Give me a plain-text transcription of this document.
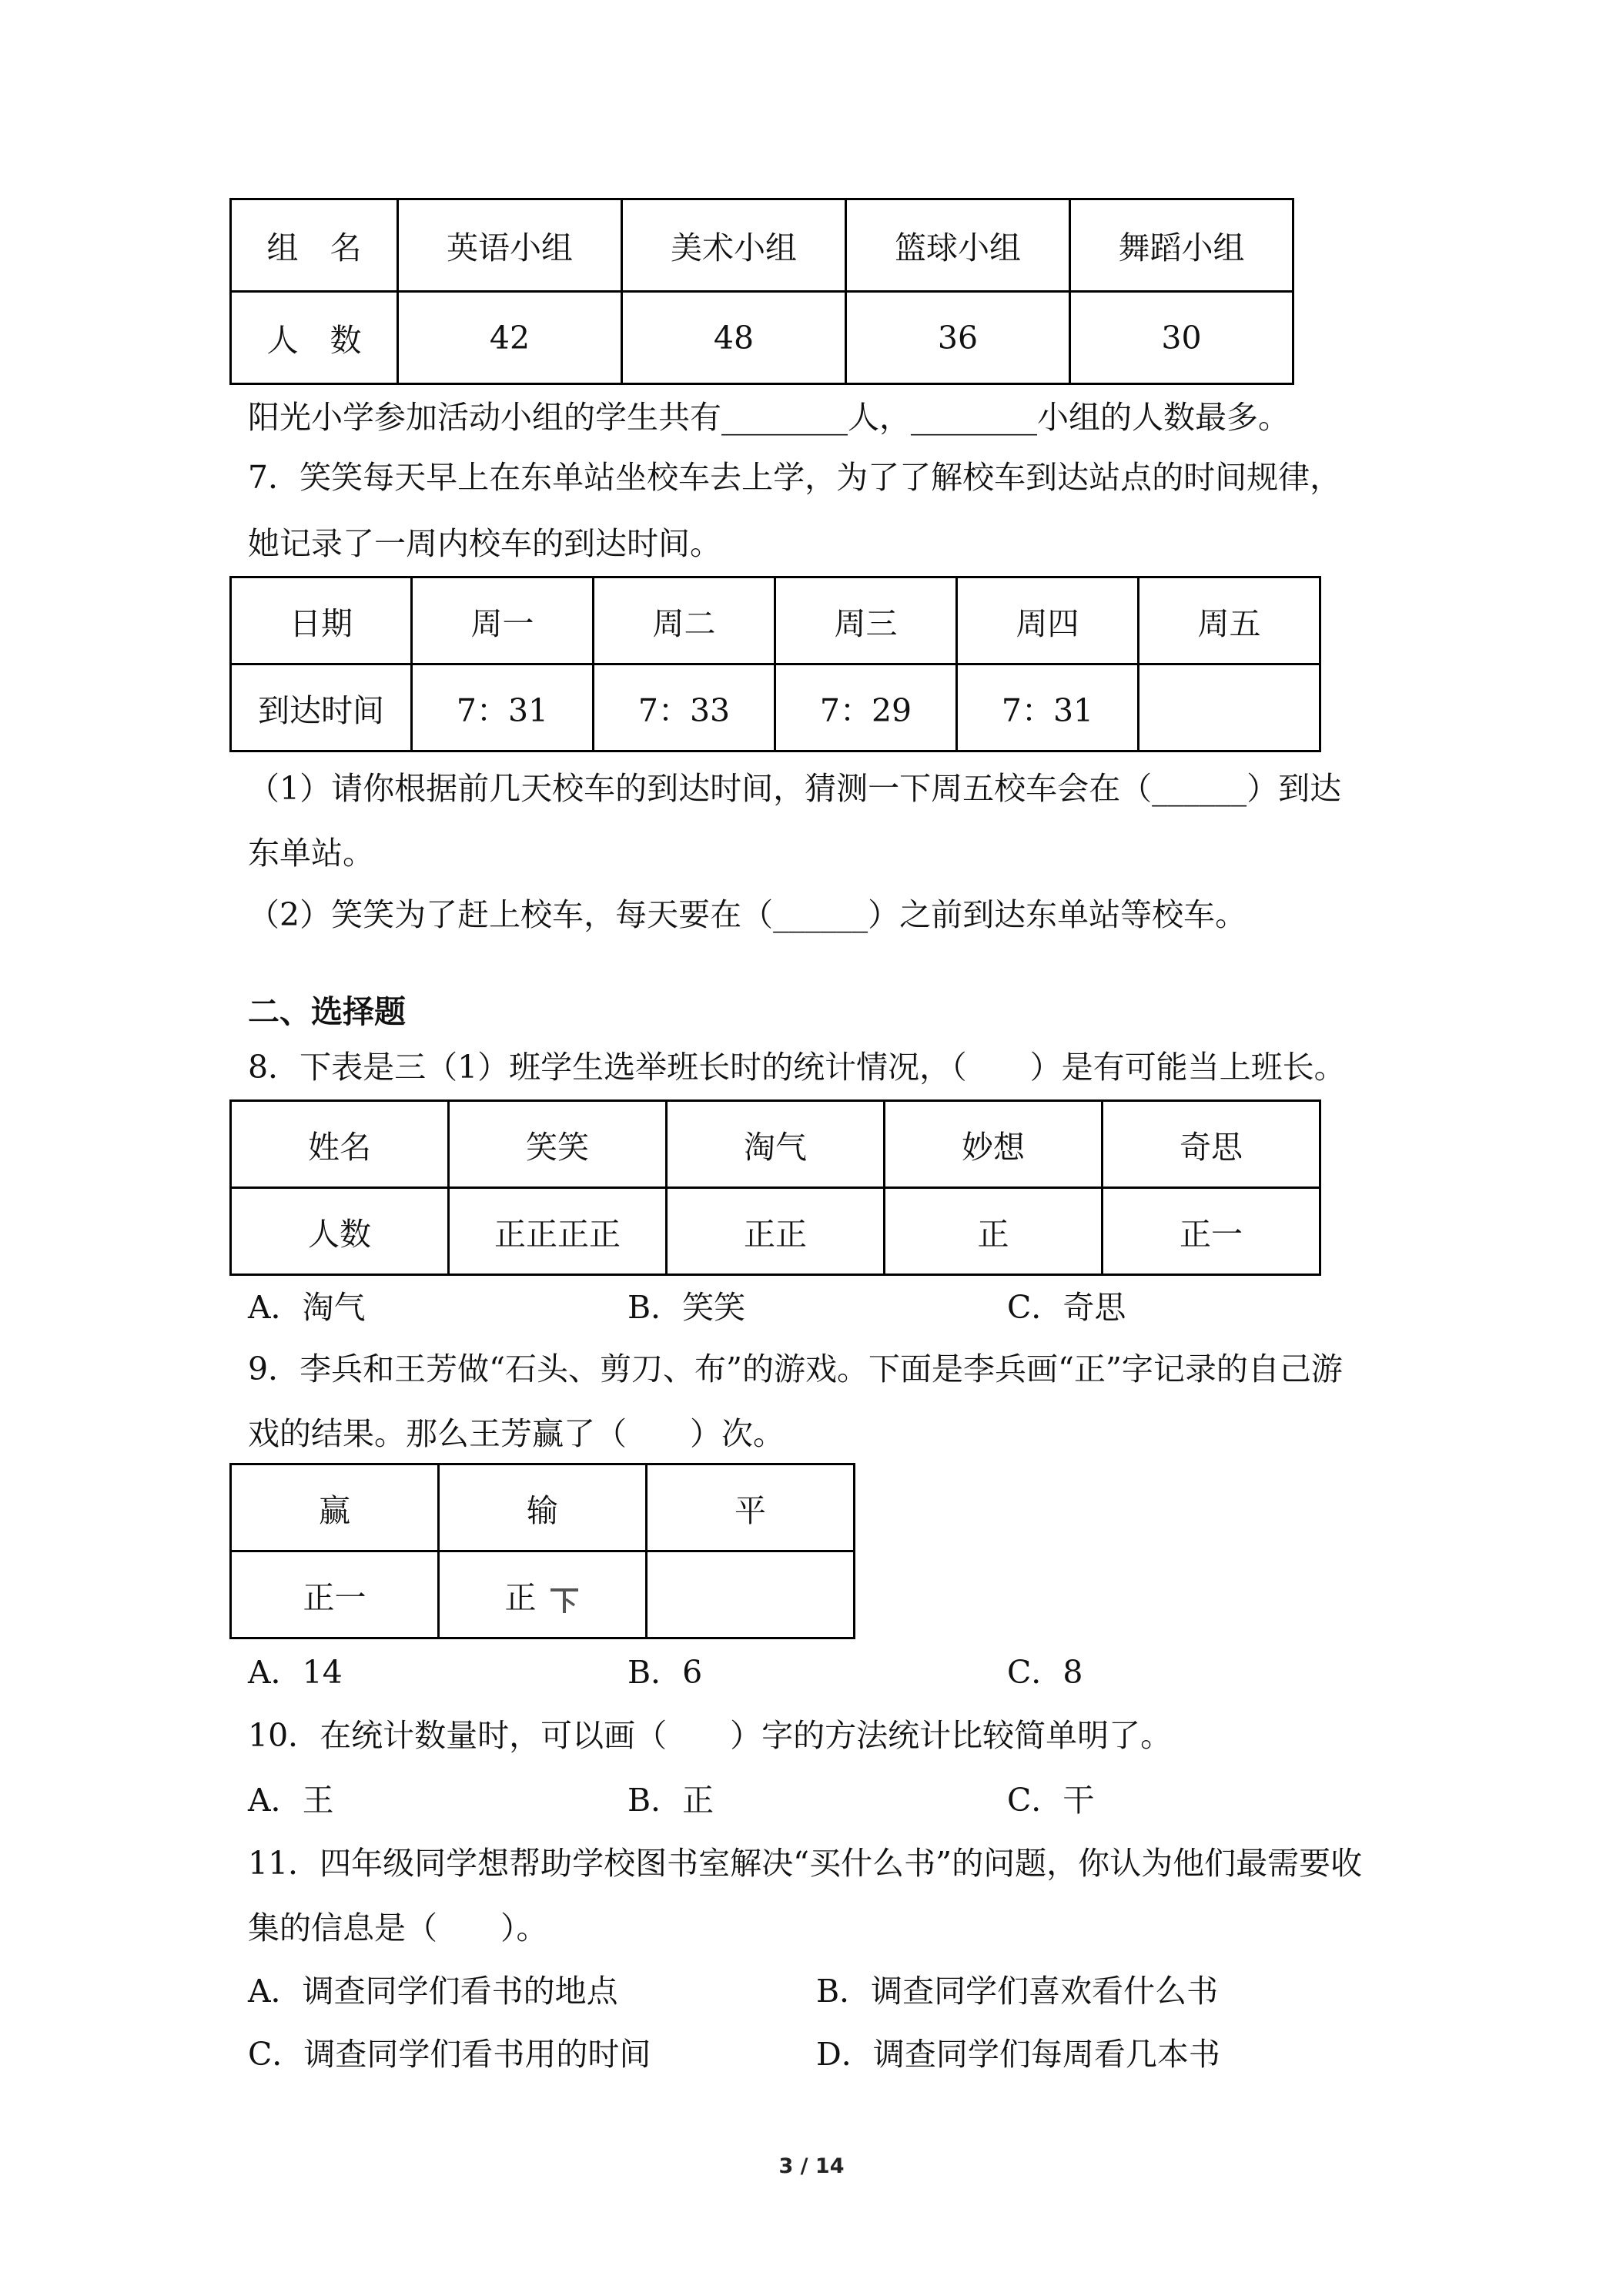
组　名	英语小组	美术小组	篮球小组	舞蹈小组
人　数	42	48	36	30
阳光小学参加活动小组的学生共有________人，________小组的人数最多。
7．笑笑每天早上在东单站坐校车去上学，为了了解校车到达站点的时间规律，
她记录了一周内校车的到达时间。
日期	周一	周二	周三	周四	周五
到达时间	7：31	7：33	7：29	7：31	
（1）请你根据前几天校车的到达时间，猜测一下周五校车会在（______）到达
东单站。
（2）笑笑为了赶上校车，每天要在（______）之前到达东单站等校车。
二、选择题
8．下表是三（1）班学生选举班长时的统计情况，（　　）是有可能当上班长。
姓名	笑笑	淘气	妙想	奇思
人数	正正正正	正正	正	正一
A．淘气	B．笑笑	C．奇思
9．李兵和王芳做“石头、剪刀、布”的游戏。下面是李兵画“正”字记录的自己游
戏的结果。那么王芳赢了（　　）次。
赢	输	平
正一	正	
A．14	B．6	C．8
10．在统计数量时，可以画（　　）字的方法统计比较简单明了。
A．王	B．正	C．干
11．四年级同学想帮助学校图书室解决“买什么书”的问题，你认为他们最需要收
集的信息是（　　）。
A．调查同学们看书的地点	B．调查同学们喜欢看什么书
C．调查同学们看书用的时间	D．调查同学们每周看几本书
3 / 14
